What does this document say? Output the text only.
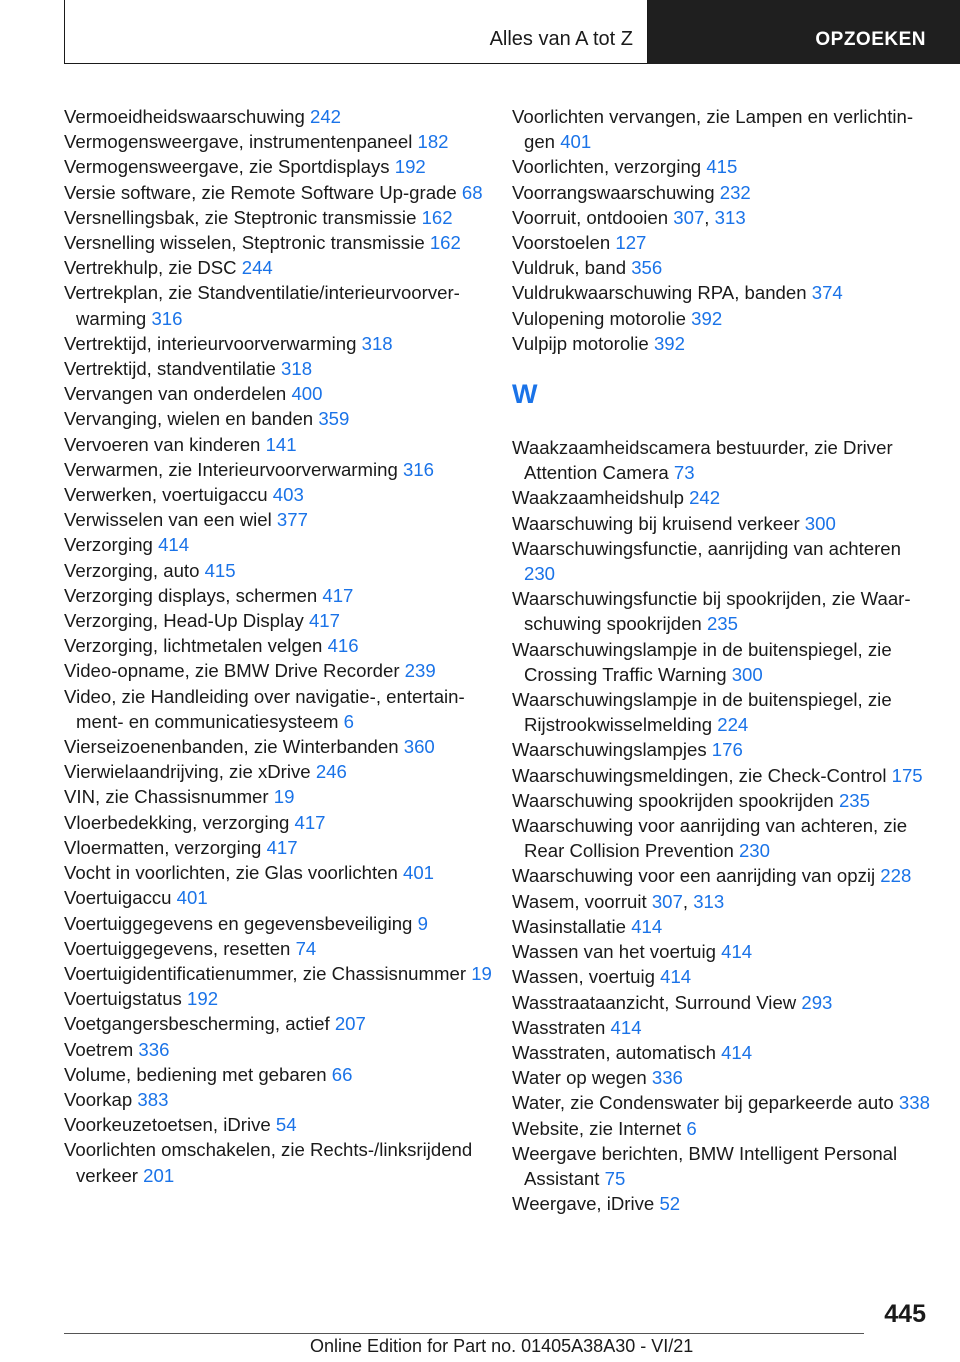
Alles van A tot Z	OPZOEKEN
Vermoeidheidswaarschuwing 242
Vermogensweergave, instrumentenpaneel 182
Vermogensweergave, zie Sportdisplays 192
Versie software, zie Remote Software Up-grade 68
Versnellingsbak, zie Steptronic transmissie 162
Versnelling wisselen, Steptronic transmissie 162
Vertrekhulp, zie DSC 244
Vertrekplan, zie Standventilatie/interieurvoorverwarming 316
Vertrektijd, interieurvoorverwarming 318
Vertrektijd, standventilatie 318
Vervangen van onderdelen 400
Vervanging, wielen en banden 359
Vervoeren van kinderen 141
Verwarmen, zie Interieurvoorverwarming 316
Verwerken, voertuigaccu 403
Verwisselen van een wiel 377
Verzorging 414
Verzorging, auto 415
Verzorging displays, schermen 417
Verzorging, Head-Up Display 417
Verzorging, lichtmetalen velgen 416
Video-opname, zie BMW Drive Recorder 239
Video, zie Handleiding over navigatie-, entertainment- en communicatiesysteem 6
Vierseizoenenbanden, zie Winterbanden 360
Vierwielaandrijving, zie xDrive 246
VIN, zie Chassisnummer 19
Vloerbedekking, verzorging 417
Vloermatten, verzorging 417
Vocht in voorlichten, zie Glas voorlichten 401
Voertuigaccu 401
Voertuiggegevens en gegevensbeveiliging 9
Voertuiggegevens, resetten 74
Voertuigidentificatienummer, zie Chassisnummer 19
Voertuigstatus 192
Voetgangersbescherming, actief 207
Voetrem 336
Volume, bediening met gebaren 66
Voorkap 383
Voorkeuzetoetsen, iDrive 54
Voorlichten omschakelen, zie Rechts-/linksrijdend verkeer 201
Voorlichten vervangen, zie Lampen en verlichtingen 401
Voorlichten, verzorging 415
Voorrangswaarschuwing 232
Voorruit, ontdooien 307, 313
Voorstoelen 127
Vuldruk, band 356
Vuldrukwaarschuwing RPA, banden 374
Vulopening motorolie 392
Vulpijp motorolie 392
W
Waakzaamheidscamera bestuurder, zie Driver Attention Camera 73
Waakzaamheidshulp 242
Waarschuwing bij kruisend verkeer 300
Waarschuwingsfunctie, aanrijding van achteren 230
Waarschuwingsfunctie bij spookrijden, zie Waarschuwing spookrijden 235
Waarschuwingslampje in de buitenspiegel, zie Crossing Traffic Warning 300
Waarschuwingslampje in de buitenspiegel, zie Rijstrookwisselmelding 224
Waarschuwingslampjes 176
Waarschuwingsmeldingen, zie Check-Control 175
Waarschuwing spookrijden spookrijden 235
Waarschuwing voor aanrijding van achteren, zie Rear Collision Prevention 230
Waarschuwing voor een aanrijding van opzij 228
Wasem, voorruit 307, 313
Wasinstallatie 414
Wassen van het voertuig 414
Wassen, voertuig 414
Wasstraataanzicht, Surround View 293
Wasstraten 414
Wasstraten, automatisch 414
Water op wegen 336
Water, zie Condenswater bij geparkeerde auto 338
Website, zie Internet 6
Weergave berichten, BMW Intelligent Personal Assistant 75
Weergave, iDrive 52
445
Online Edition for Part no. 01405A38A30 - VI/21
